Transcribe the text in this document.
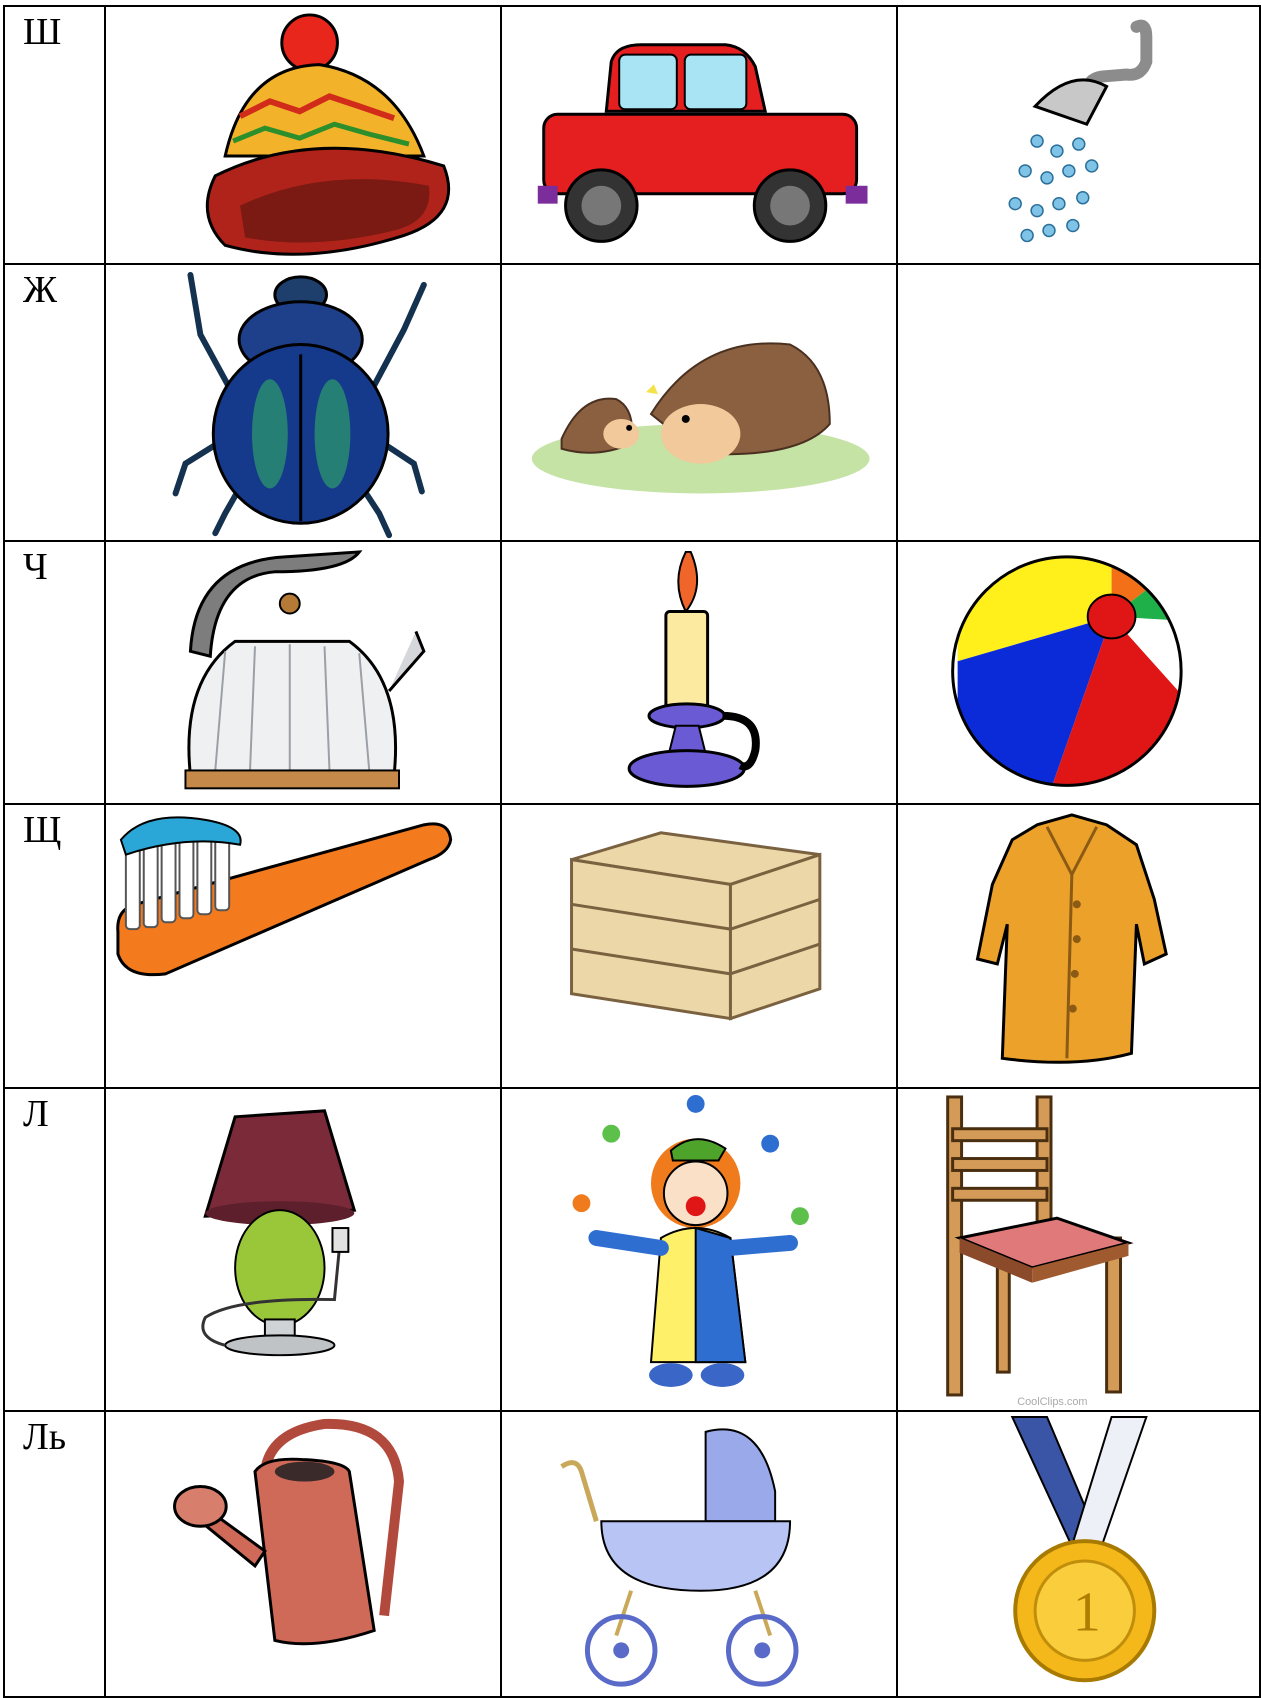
Ш

Ж

Ч

Щ

Л			CoolClips.com

Ль			1
